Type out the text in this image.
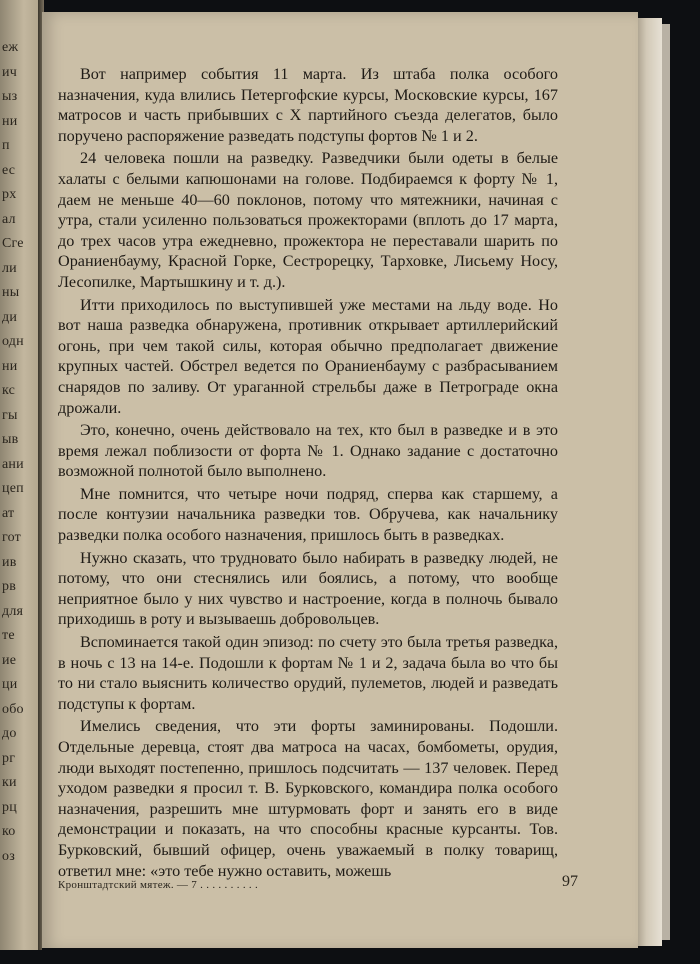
еж
ич
ыз
ни
п
ес
рх
ал
Сге
ли
ны
ди
одн
ни
кс
гы
ыв
ани
цеп
ат
гот
ив
рв
для
те
ие
ци
обо
до
рг
ки
рц
ко
оз

Вот например события 11 марта. Из штаба полка особого назначения, куда влились Петергофские курсы, Московские курсы, 167 матросов и часть прибывших с X партийного съезда делегатов, было поручено распоряжение разведать подступы фортов № 1 и 2.

24 человека пошли на разведку. Разведчики были одеты в белые халаты с белыми капюшонами на голове. Подбираемся к форту № 1, даем не меньше 40—60 поклонов, потому что мятежники, начиная с утра, стали усиленно пользоваться прожекторами (вплоть до 17 марта, до трех часов утра ежедневно, прожектора не переставали шарить по Ораниенбауму, Красной Горке, Сестрорецку, Тарховке, Лисьему Носу, Лесопилке, Мартышкину и т. д.).

Итти приходилось по выступившей уже местами на льду воде. Но вот наша разведка обнаружена, противник открывает артиллерийский огонь, при чем такой силы, которая обычно предполагает движение крупных частей. Обстрел ведется по Ораниенбауму с разбрасыванием снарядов по заливу. От ураганной стрельбы даже в Петрограде окна дрожали.

Это, конечно, очень действовало на тех, кто был в разведке и в это время лежал поблизости от форта № 1. Однако задание с достаточно возможной полнотой было выполнено.

Мне помнится, что четыре ночи подряд, сперва как старшему, а после контузии начальника разведки тов. Обручева, как начальнику разведки полка особого назначения, пришлось быть в разведках.

Нужно сказать, что трудновато было набирать в разведку людей, не потому, что они стеснялись или боялись, а потому, что вообще неприятное было у них чувство и настроение, когда в полночь бывало приходишь в роту и вызываешь добровольцев.

Вспоминается такой один эпизод: по счету это была третья разведка, в ночь с 13 на 14-е. Подошли к фортам № 1 и 2, задача была во что бы то ни стало выяснить количество орудий, пулеметов, людей и разведать подступы к фортам.

Имелись сведения, что эти форты заминированы. Подошли. Отдельные деревца, стоят два матроса на часах, бомбометы, орудия, люди выходят постепенно, пришлось подсчитать — 137 человек. Перед уходом разведки я просил т. В. Бурковского, командира полка особого назначения, разрешить мне штурмовать форт и занять его в виде демонстрации и показать, на что способны красные курсанты. Тов. Бурковский, бывший офицер, очень уважаемый в полку товарищ, ответил мне: «это тебе нужно оставить, можешь

Кронштадтский мятеж. — 7 . . . . . . . . . .	97
